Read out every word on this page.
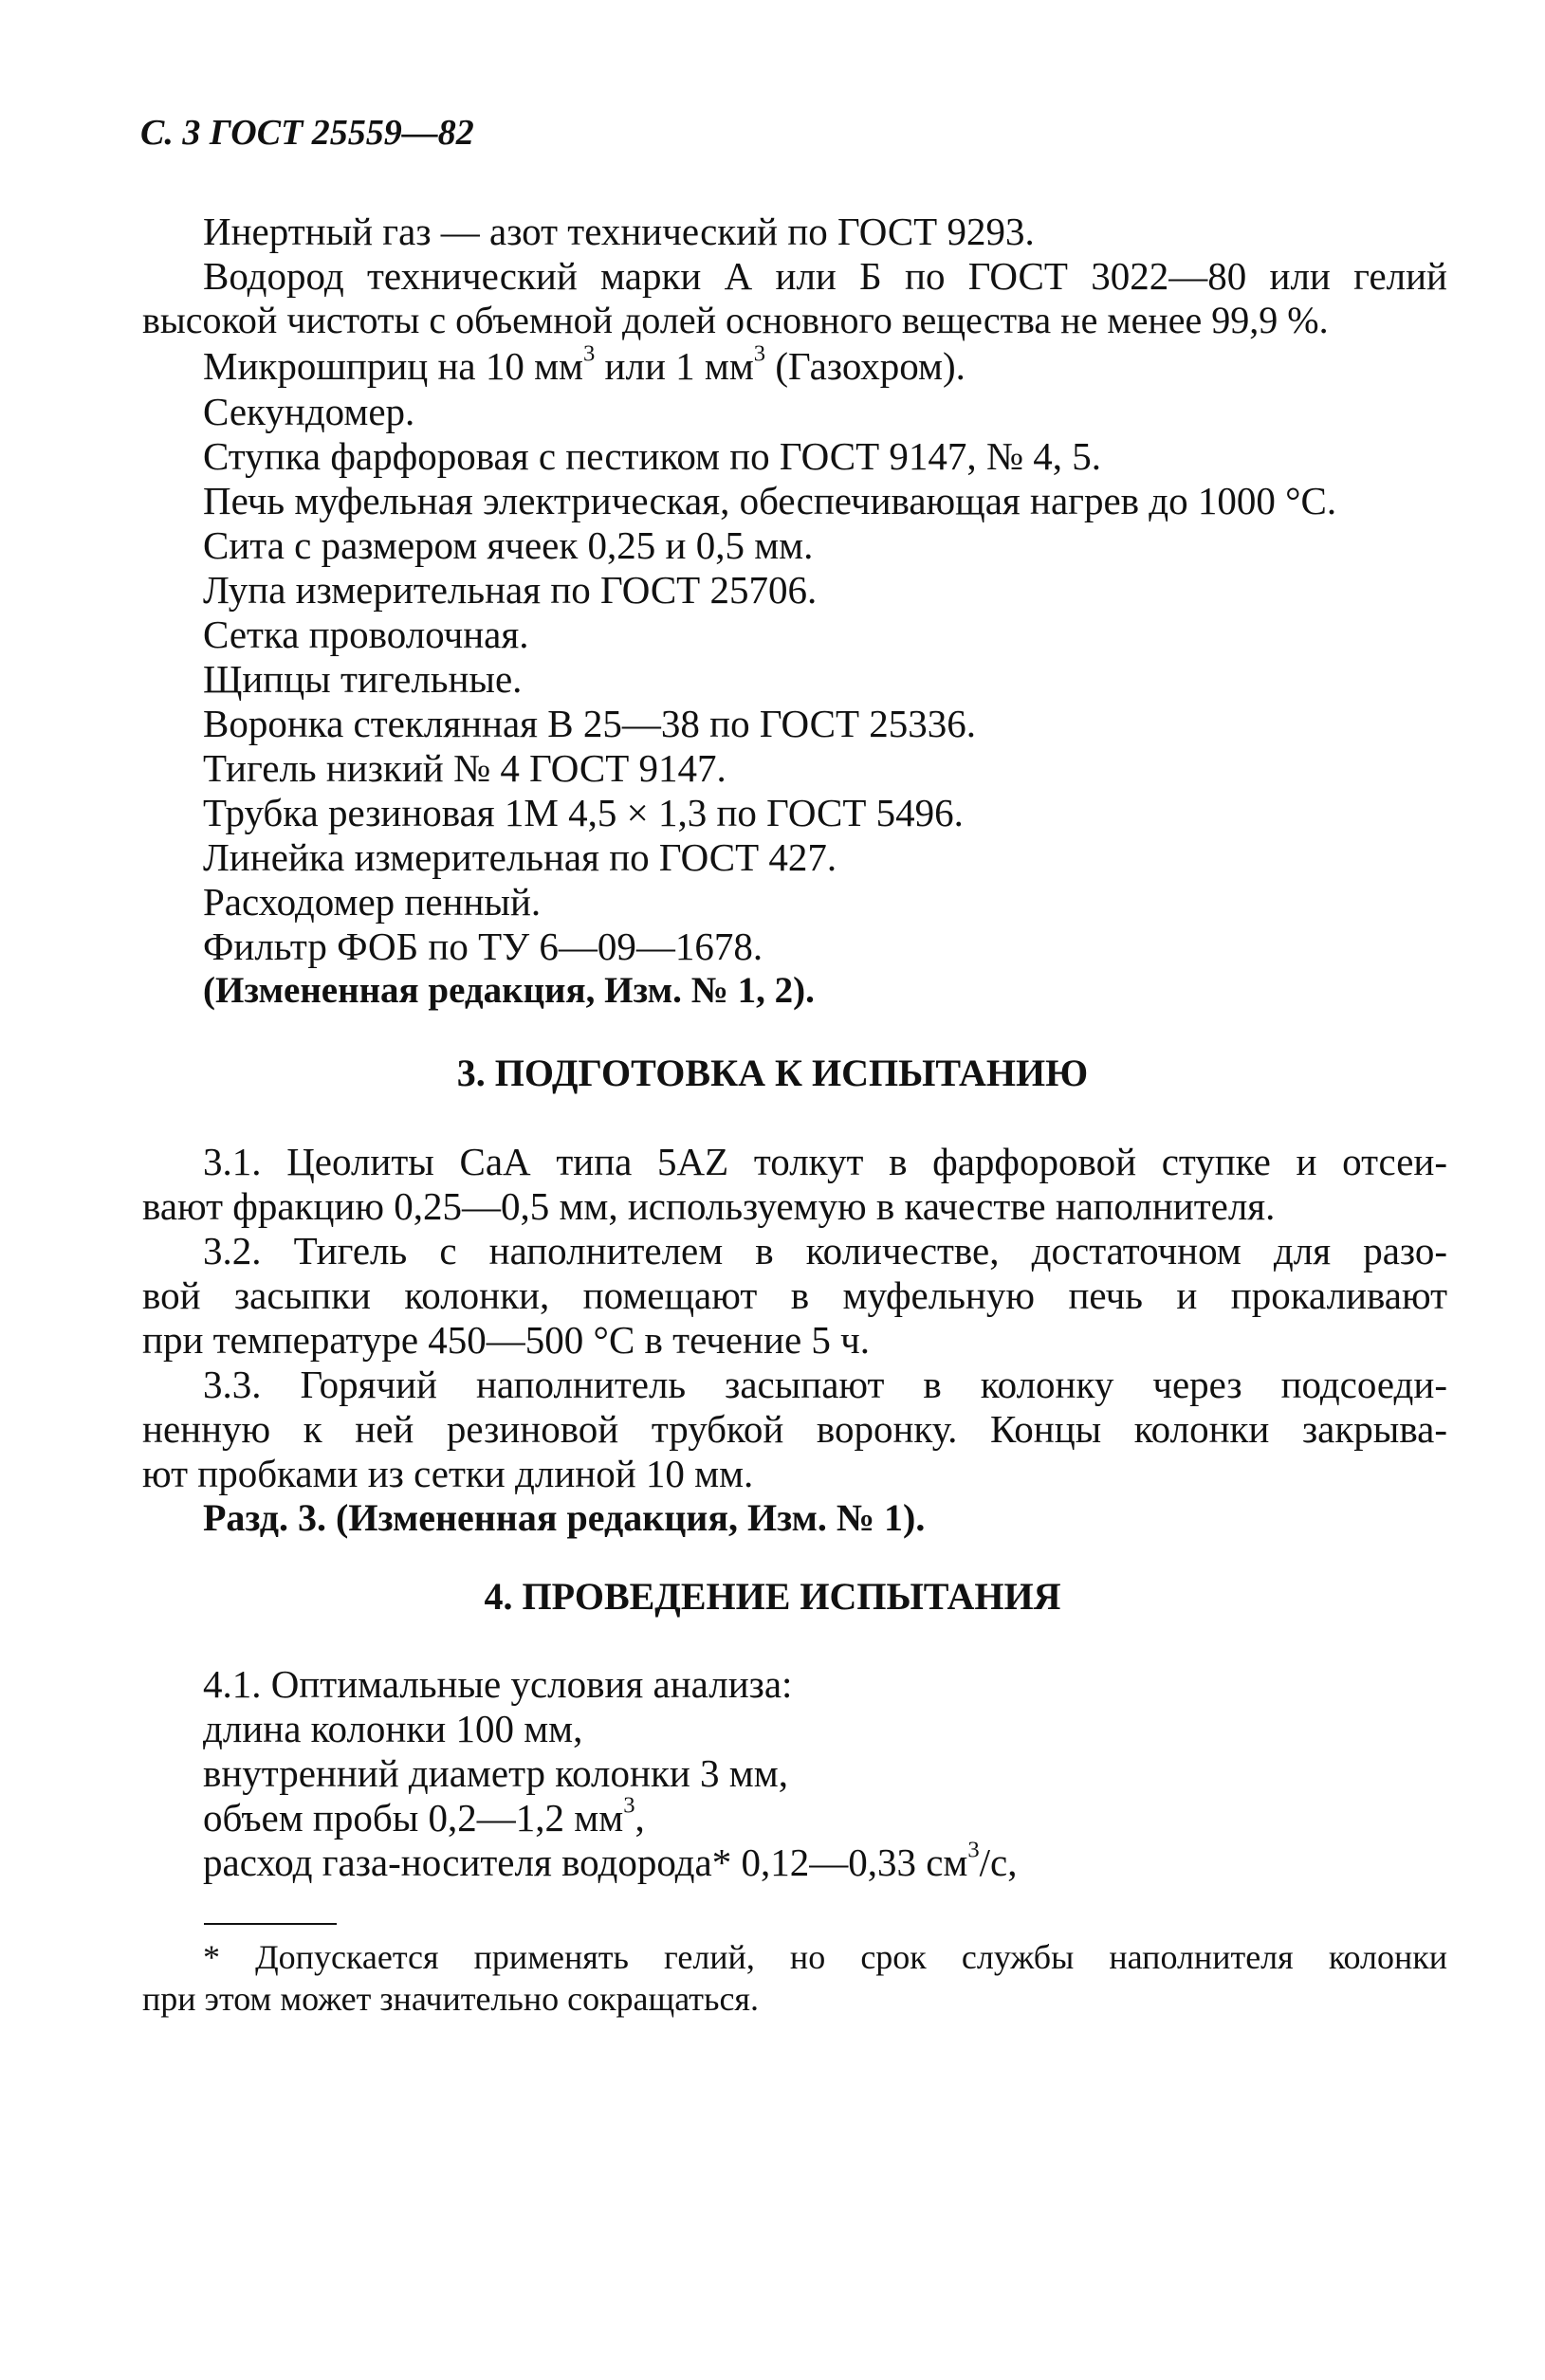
С. 3 ГОСТ 25559—82
Инертный газ — азот технический по ГОСТ 9293.
Водород технический марки А или Б по ГОСТ 3022—80 или гелий
высокой чистоты с объемной долей основного вещества не менее 99,9 %.
Микрошприц на 10 $мм^3$ или 1 $мм^3$ (Газохром).
Секундомер.
Ступка фарфоровая с пестиком по ГОСТ 9147, № 4, 5.
Печь муфельная электрическая, обеспечивающая нагрев до 1000 °С.
Сита с размером ячеек 0,25 и 0,5 мм.
Лупа измерительная по ГОСТ 25706.
Сетка проволочная.
Щипцы тигельные.
Воронка стеклянная В 25—38 по ГОСТ 25336.
Тигель низкий № 4 ГОСТ 9147.
Трубка резиновая 1М 4,5 × 1,3 по ГОСТ 5496.
Линейка измерительная по ГОСТ 427.
Расходомер пенный.
Фильтр ФОБ по ТУ 6—09—1678.
(Измененная редакция, Изм. № 1, 2).
3. ПОДГОТОВКА К ИСПЫТАНИЮ
3.1. Цеолиты СаА типа 5АZ толкут в фарфоровой ступке и отсеи-
вают фракцию 0,25—0,5 мм, используемую в качестве наполнителя.
3.2. Тигель с наполнителем в количестве, достаточном для разо-
вой засыпки колонки, помещают в муфельную печь и прокаливают
при температуре 450—500 °С в течение 5 ч.
3.3. Горячий наполнитель засыпают в колонку через подсоеди-
ненную к ней резиновой трубкой воронку. Концы колонки закрыва-
ют пробками из сетки длиной 10 мм.
Разд. 3. (Измененная редакция, Изм. № 1).
4. ПРОВЕДЕНИЕ ИСПЫТАНИЯ
4.1. Оптимальные условия анализа:
длина колонки 100 мм,
внутренний диаметр колонки 3 мм,
объем пробы 0,2—1,2 $мм^3$,
расход газа-носителя водорода* 0,12—0,33 $см^3/с$,
* Допускается применять гелий, но срок службы наполнителя колонки
при этом может значительно сокращаться.
